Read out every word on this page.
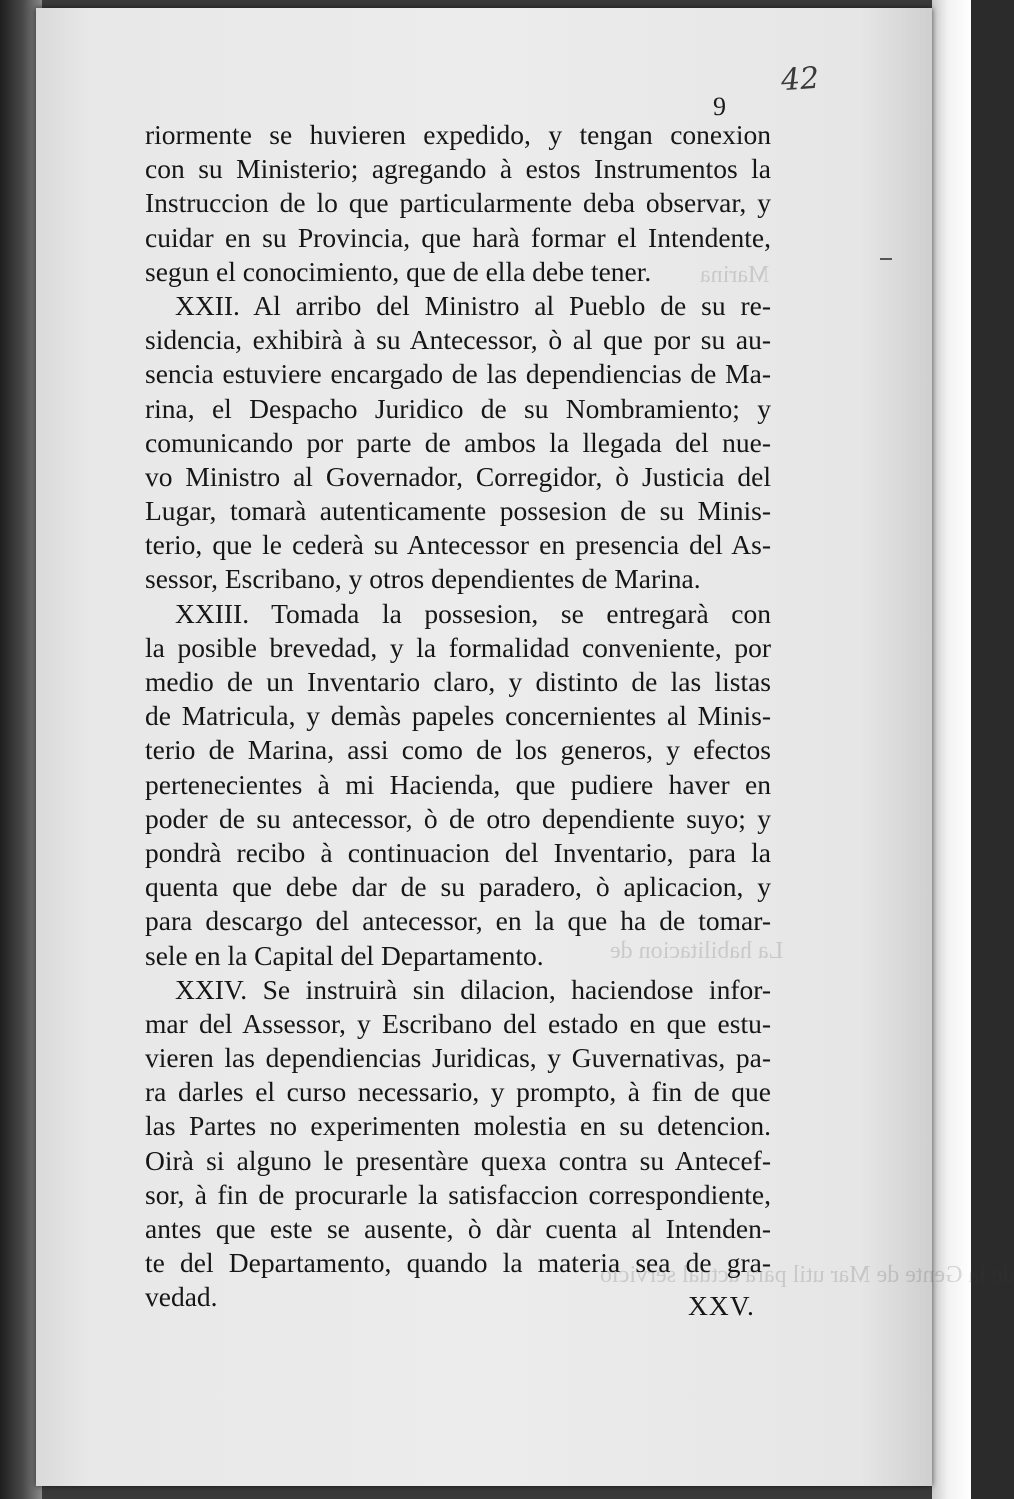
Marina
La habilitacion de
de la Gente de Mar util para actual servicio
42
9
riormente se huvieren expedido, y tengan conexion
con su Ministerio; agregando à estos Instrumentos la
Instruccion de lo que particularmente deba observar, y
cuidar en su Provincia, que harà formar el Intendente,
segun el conocimiento, que de ella debe tener.
XXII. Al arribo del Ministro al Pueblo de su re-
sidencia, exhibirà à su Antecessor, ò al que por su au-
sencia estuviere encargado de las dependiencias de Ma-
rina, el Despacho Juridico de su Nombramiento; y
comunicando por parte de ambos la llegada del nue-
vo Ministro al Governador, Corregidor, ò Justicia del
Lugar, tomarà autenticamente possesion de su Minis-
terio, que le cederà su Antecessor en presencia del As-
sessor, Escribano, y otros dependientes de Marina.
XXIII. Tomada la possesion, se entregarà con
la posible brevedad, y la formalidad conveniente, por
medio de un Inventario claro, y distinto de las listas
de Matricula, y demàs papeles concernientes al Minis-
terio de Marina, assi como de los generos, y efectos
pertenecientes à mi Hacienda, que pudiere haver en
poder de su antecessor, ò de otro dependiente suyo; y
pondrà recibo à continuacion del Inventario, para la
quenta que debe dar de su paradero, ò aplicacion, y
para descargo del antecessor, en la que ha de tomar-
sele en la Capital del Departamento.
XXIV. Se instruirà sin dilacion, haciendose infor-
mar del Assessor, y Escribano del estado en que estu-
vieren las dependiencias Juridicas, y Guvernativas, pa-
ra darles el curso necessario, y prompto, à fin de que
las Partes no experimenten molestia en su detencion.
Oirà si alguno le presentàre quexa contra su Antecef-
sor, à fin de procurarle la satisfaccion correspondiente,
antes que este se ausente, ò dàr cuenta al Intenden-
te del Departamento, quando la materia sea de gra-
vedad.	XXV.
